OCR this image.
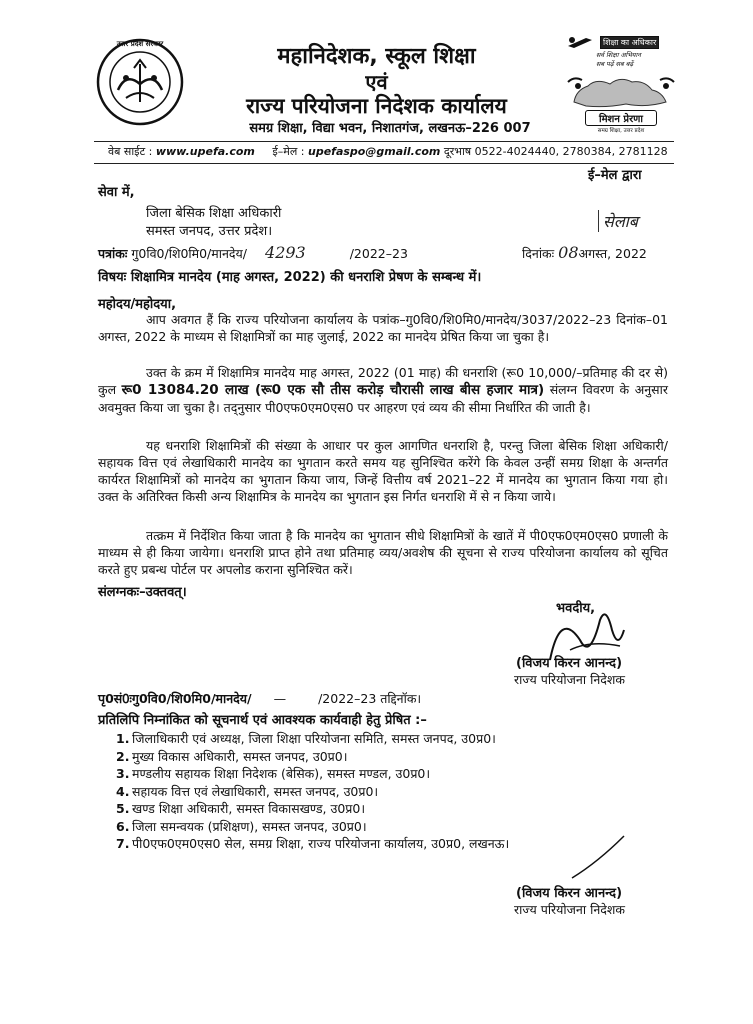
उत्तर प्रदेश सरकार	महानिदेशक, स्कूल शिक्षा
एवं
राज्य परियोजना निदेशक कार्यालय
समग्र शिक्षा, विद्या भवन, निशातगंज, लखनऊ–226 007
शिक्षा का अधिकार
सर्व शिक्षा अभियान
सब पढ़ें सब बढ़ें
मिशन प्रेरणा
समग्र शिक्षा, उत्तर प्रदेश
वेब साईट : www.upefa.com ई–मेल : upefaspo@gmail.com दूरभाष 0522-4024440, 2780384, 2781128
ई–मेल द्वारा
सेवा में,
जिला बेसिक शिक्षा अधिकारी
समस्त जनपद, उत्तर प्रदेश।
सेलाब
पत्रांकः गु0वि0/शि0मि0/मानदेय/ 4293	/2022–23	दिनांकः 08अगस्त, 2022
विषयः शिक्षामित्र मानदेय (माह अगस्त, 2022) की धनराशि प्रेषण के सम्बन्ध में।
महोदय/महोदया,
आप अवगत हैं कि राज्य परियोजना कार्यालय के पत्रांक–गु0वि0/शि0मि0/मानदेय/3037/2022–23 दिनांक–01 अगस्त, 2022 के माध्यम से शिक्षामित्रों का माह जुलाई, 2022 का मानदेय प्रेषित किया जा चुका है।
उक्त के क्रम में शिक्षामित्र मानदेय माह अगस्त, 2022 (01 माह) की धनराशि (रू0 10,000/–प्रतिमाह की दर से) कुल रू0 13084.20 लाख (रू0 एक सौ तीस करोड़ चौरासी लाख बीस हजार मात्र) संलग्न विवरण के अनुसार अवमुक्त किया जा चुका है। तद्नुसार पी0एफ0एम0एस0 पर आहरण एवं व्यय की सीमा निर्धारित की जाती है।
यह धनराशि शिक्षामित्रों की संख्या के आधार पर कुल आगणित धनराशि है, परन्तु जिला बेसिक शिक्षा अधिकारी/सहायक वित्त एवं लेखाधिकारी मानदेय का भुगतान करते समय यह सुनिश्चित करेंगे कि केवल उन्हीं समग्र शिक्षा के अन्तर्गत कार्यरत शिक्षामित्रों को मानदेय का भुगतान किया जाय, जिन्हें वित्तीय वर्ष 2021–22 में मानदेय का भुगतान किया गया हो। उक्त के अतिरिक्त किसी अन्य शिक्षामित्र के मानदेय का भुगतान इस निर्गत धनराशि में से न किया जाये।
तत्क्रम में निर्देशित किया जाता है कि मानदेय का भुगतान सीधे शिक्षामित्रों के खातें में पी0एफ0एम0एस0 प्रणाली के माध्यम से ही किया जायेगा। धनराशि प्राप्त होने तथा प्रतिमाह व्यय/अवशेष की सूचना से राज्य परियोजना कार्यालय को सूचित करते हुए प्रबन्ध पोर्टल पर अपलोड कराना सुनिश्चित करें।
संलग्नकः–उक्तवत्।
भवदीय,
(विजय किरन आनन्द)
राज्य परियोजना निदेशक
पृ0सं0ःगु0वि0/शि0मि0/मानदेय/ —	/2022–23 तद्दिनॉक।
प्रतिलिपि निम्नांकित को सूचनार्थ एवं आवश्यक कार्यवाही हेतु प्रेषित :–
1. जिलाधिकारी एवं अध्यक्ष, जिला शिक्षा परियोजना समिति, समस्त जनपद, उ0प्र0।
2. मुख्य विकास अधिकारी, समस्त जनपद, उ0प्र0।
3. मण्डलीय सहायक शिक्षा निदेशक (बेसिक), समस्त मण्डल, उ0प्र0।
4. सहायक वित्त एवं लेखाधिकारी, समस्त जनपद, उ0प्र0।
5. खण्ड शिक्षा अधिकारी, समस्त विकासखण्ड, उ0प्र0।
6. जिला समन्वयक (प्रशिक्षण), समस्त जनपद, उ0प्र0।
7. पी0एफ0एम0एस0 सेल, समग्र शिक्षा, राज्य परियोजना कार्यालय, उ0प्र0, लखनऊ।
(विजय किरन आनन्द)
राज्य परियोजना निदेशक
